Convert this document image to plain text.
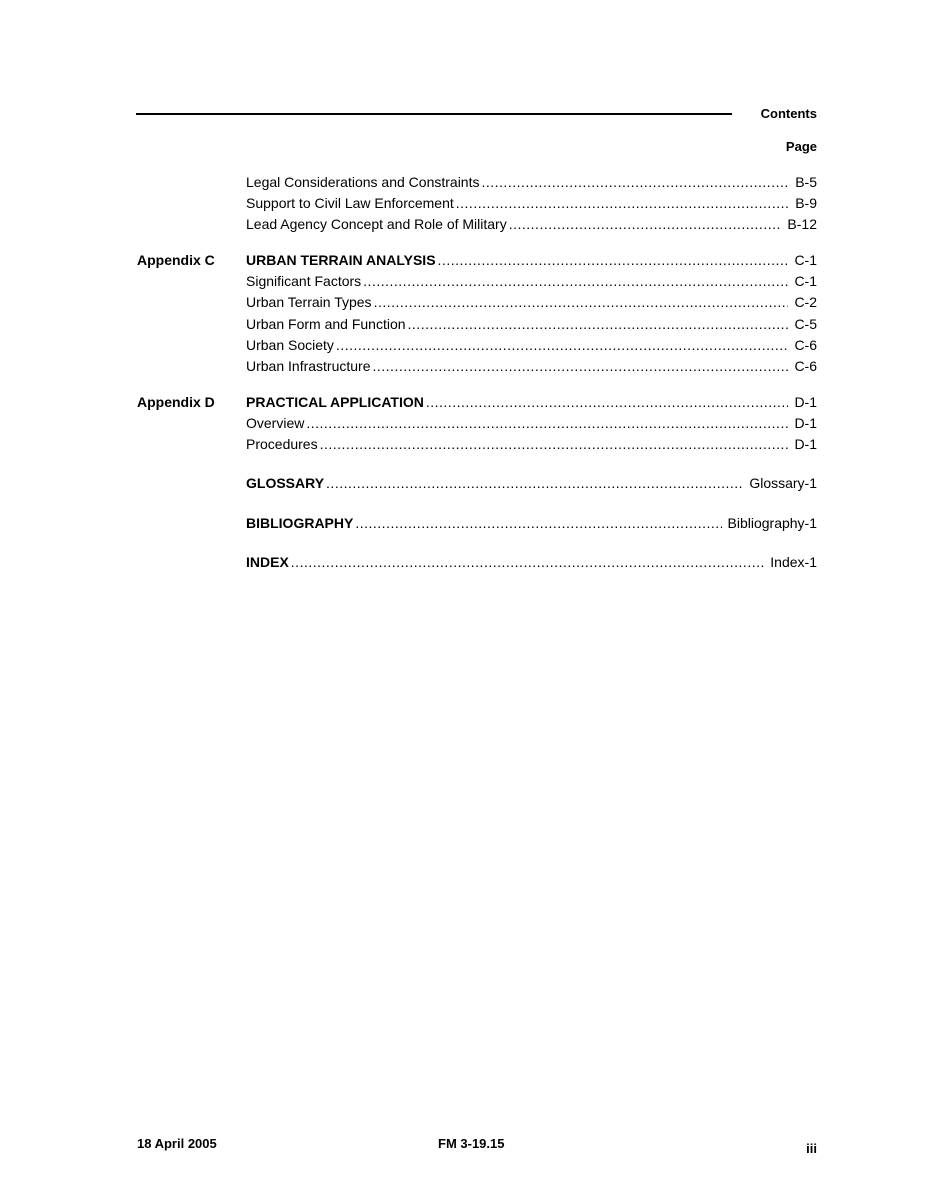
Contents
Page
Legal Considerations and Constraints .....	B-5
Support to Civil Law Enforcement .....	B-9
Lead Agency Concept and Role of Military .....	B-12
Appendix C URBAN TERRAIN ANALYSIS .....	C-1
Significant Factors .....	C-1
Urban Terrain Types .....	C-2
Urban Form and Function .....	C-5
Urban Society .....	C-6
Urban Infrastructure .....	C-6
Appendix D PRACTICAL APPLICATION .....	D-1
Overview .....	D-1
Procedures .....	D-1
GLOSSARY .....	Glossary-1
BIBLIOGRAPHY .....	Bibliography-1
INDEX .....	Index-1
18 April 2005	FM 3-19.15	iii
